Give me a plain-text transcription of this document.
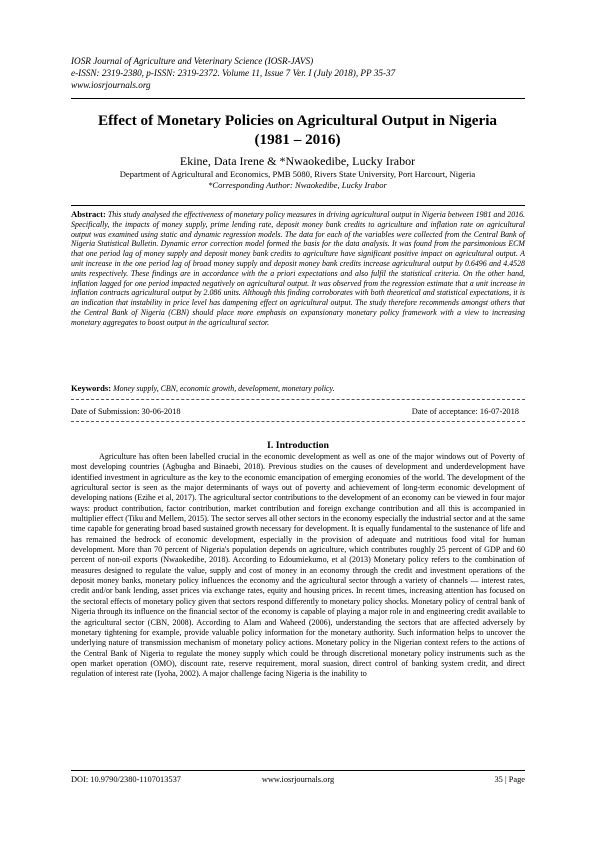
IOSR Journal of Agriculture and Veterinary Science (IOSR-JAVS)
e-ISSN: 2319-2380, p-ISSN: 2319-2372. Volume 11, Issue 7 Ver. I (July 2018), PP 35-37
www.iosrjournals.org
Effect of Monetary Policies on Agricultural Output in Nigeria
(1981 – 2016)
Ekine, Data Irene & *Nwaokedibe, Lucky Irabor
Department of Agricultural and Economics, PMB 5080, Rivers State University, Port Harcourt, Nigeria
*Corresponding Author: Nwaokedibe, Lucky Irabor
Abstract: This study analysed the effectiveness of monetary policy measures in driving agricultural output in Nigeria between 1981 and 2016. Specifically, the impacts of money supply, prime lending rate, deposit money bank credits to agriculture and inflation rate on agricultural output was examined using static and dynamic regression models. The data for each of the variables were collected from the Central Bank of Nigeria Statistical Bulletin. Dynamic error correction model formed the basis for the data analysis. It was found from the parsimonious ECM that one period lag of money supply and deposit money bank credits to agriculture have significant positive impact on agricultural output. A unit increase in the one period lag of broad money supply and deposit money bank credits increase agricultural output by 0.6496 and 4.4528 units respectively. These findings are in accordance with the a priori expectations and also fulfil the statistical criteria. On the other hand, inflation lagged for one period impacted negatively on agricultural output. It was observed from the regression estimate that a unit increase in inflation contracts agricultural output by 2.086 units. Although this finding corroborates with both theoretical and statistical expectations, it is an indication that instability in price level has dampening effect on agricultural output. The study therefore recommends amongst others that the Central Bank of Nigeria (CBN) should place more emphasis on expansionary monetary policy framework with a view to increasing monetary aggregates to boost output in the agricultural sector.
Keywords: Money supply, CBN, economic growth, development, monetary policy.
Date of Submission: 30-06-2018	Date of acceptance: 16-07-2018
I. Introduction
Agriculture has often been labelled crucial in the economic development as well as one of the major windows out of Poverty of most developing countries (Agbugba and Binaebi, 2018). Previous studies on the causes of development and underdevelopment have identified investment in agriculture as the key to the economic emancipation of emerging economies of the world. The development of the agricultural sector is seen as the major determinants of ways out of poverty and achievement of long-term economic development of developing nations (Ezihe et al, 2017). The agricultural sector contributions to the development of an economy can be viewed in four major ways: product contribution, factor contribution, market contribution and foreign exchange contribution and all this is accompanied in multiplier effect (Tiku and Mellem, 2015). The sector serves all other sectors in the economy especially the industrial sector and at the same time capable for generating broad based sustained growth necessary for development. It is equally fundamental to the sustenance of life and has remained the bedrock of economic development, especially in the provision of adequate and nutritious food vital for human development. More than 70 percent of Nigeria's population depends on agriculture, which contributes roughly 25 percent of GDP and 60 percent of non-oil exports (Nwaokedibe, 2018). According to Edoumiekumo, et al (2013) Monetary policy refers to the combination of measures designed to regulate the value, supply and cost of money in an economy through the credit and investment operations of the deposit money banks, monetary policy influences the economy and the agricultural sector through a variety of channels — interest rates, credit and/or bank lending, asset prices via exchange rates, equity and housing prices. In recent times, increasing attention has focused on the sectoral effects of monetary policy given that sectors respond differently to monetary policy shocks. Monetary policy of central bank of Nigeria through its influence on the financial sector of the economy is capable of playing a major role in and engineering credit available to the agricultural sector (CBN, 2008). According to Alam and Waheed (2006), understanding the sectors that are affected adversely by monetary tightening for example, provide valuable policy information for the monetary authority. Such information helps to uncover the underlying nature of transmission mechanism of monetary policy actions. Monetary policy in the Nigerian context refers to the actions of the Central Bank of Nigeria to regulate the money supply which could be through discretional monetary policy instruments such as the open market operation (OMO), discount rate, reserve requirement, moral suasion, direct control of banking system credit, and direct regulation of interest rate (Iyoha, 2002). A major challenge facing Nigeria is the inability to
www.iosrjournals.org
DOI: 10.9790/2380-1107013537	35 | Page
